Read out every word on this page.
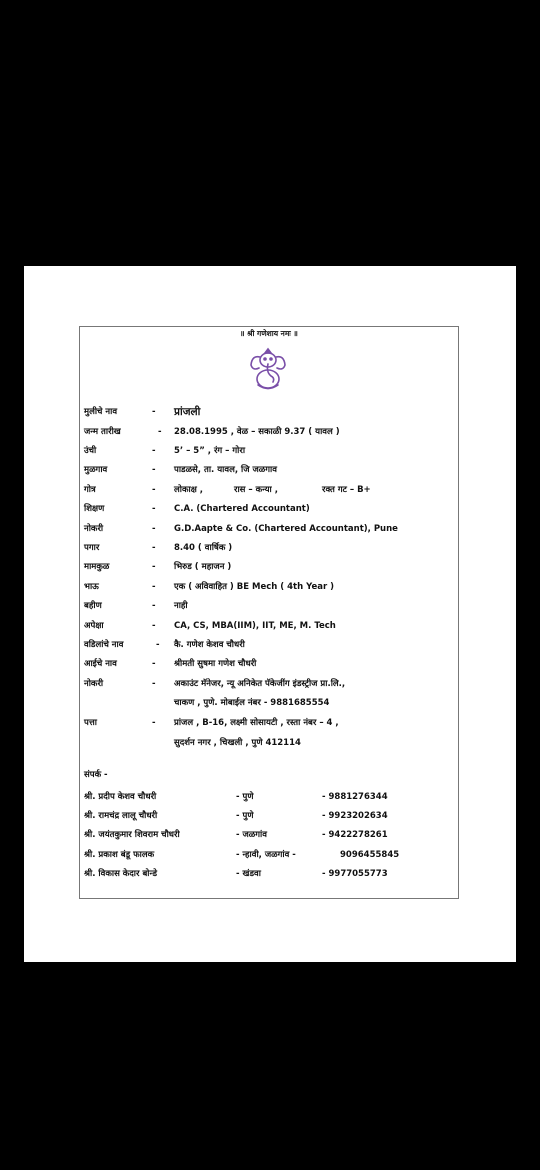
॥ श्री गणेशाय नमः ॥
मुलीचे नाव	- प्रांजली
जन्म तारीख	- 28.08.1995 , वेळ – सकाळी 9.37 ( यावल )
उंची	- 5’ – 5” , रंग – गोरा
मुळगाव	- पाडळसे, ता. यावल, जि जळगाव
गोत्र	- लोकाक्ष ,	रास – कन्या ,	रक्त गट – B+
शिक्षण	- C.A. (Chartered Accountant)
नोकरी	- G.D.Aapte & Co. (Chartered Accountant), Pune
पगार	- 8.40 ( वार्षिक )
मामकुळ	- भिरुड ( महाजन )
भाऊ	- एक ( अविवाहित ) BE Mech ( 4th Year )
बहीण	- नाही
अपेक्षा	- CA, CS, MBA(IIM), IIT, ME, M. Tech
वडिलांचे नाव	- कै. गणेश केशव चौधरी
आईचे नाव	- श्रीमती सुषमा गणेश चौधरी
नोकरी	- अकाउंट मॅनेजर, न्यू अनिकेत पॅकेजींग इंडस्ट्रीज प्रा.लि.,
चाकण , पुणे. मोबाईल नंबर - 9881685554
पत्ता	- प्रांजल , B-16, लक्ष्मी सोसायटी , रस्ता नंबर – 4 ,
सुदर्शन नगर , चिखली , पुणे 412114
संपर्क -
श्री. प्रदीप केशव चौधरी	- पुणे	- 9881276344
श्री. रामचंद्र लालू चौधरी	- पुणे	- 9923202634
श्री. जयंतकुमार शिवराम चौधरी	- जळगांव	- 9422278261
श्री. प्रकाश बंडू फालक	- न्हावी, जळगांव -	9096455845
श्री. विकास केदार बोन्डे	- खंडवा	- 9977055773
